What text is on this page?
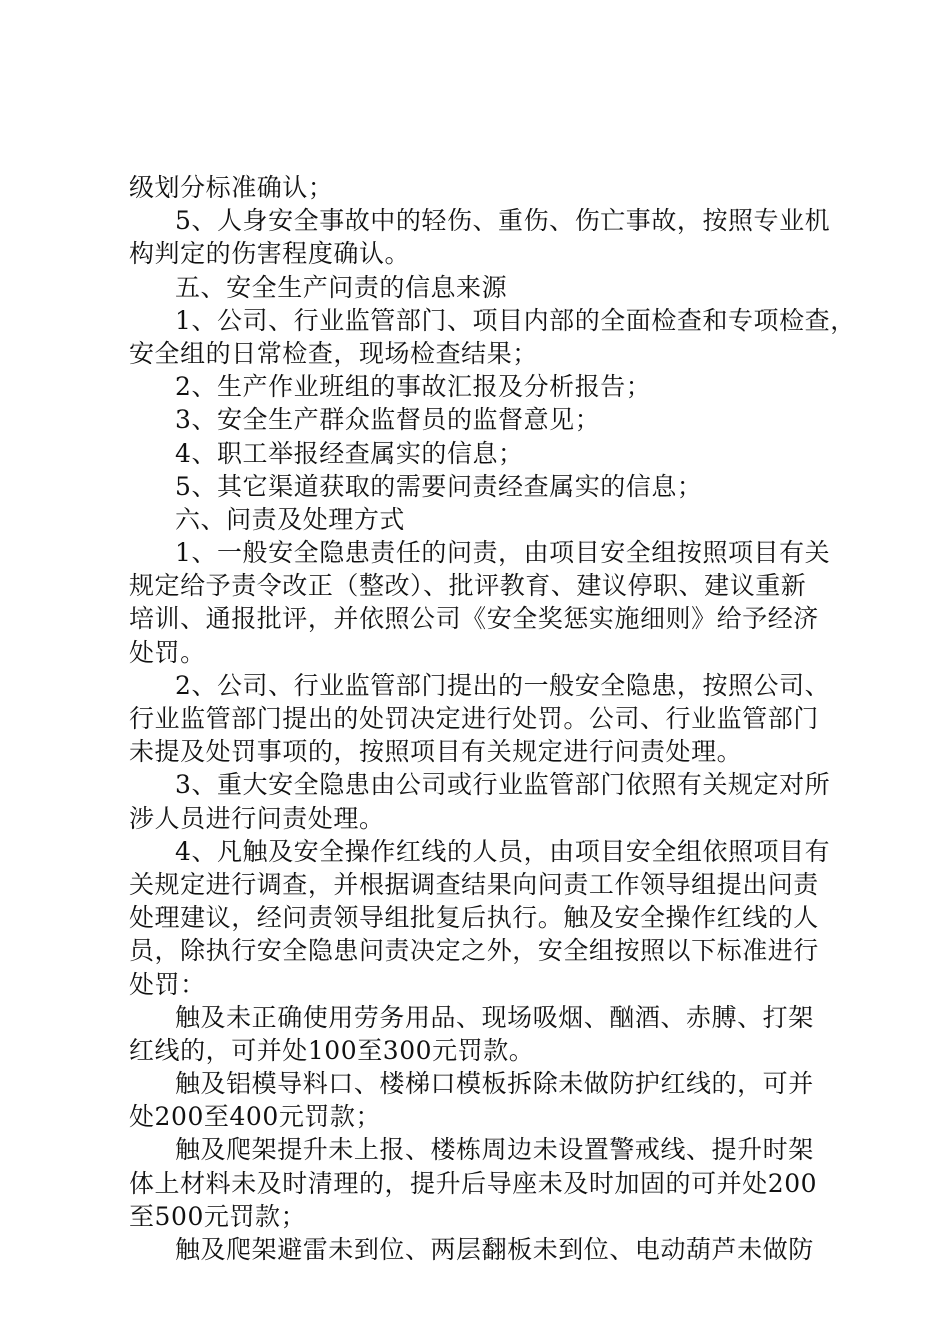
级划分标准确认；
5、人身安全事故中的轻伤、重伤、伤亡事故，按照专业机
构判定的伤害程度确认。
五、安全生产问责的信息来源
1、公司、行业监管部门、项目内部的全面检查和专项检查，
安全组的日常检查，现场检查结果；
2、生产作业班组的事故汇报及分析报告；
3、安全生产群众监督员的监督意见；
4、职工举报经查属实的信息；
5、其它渠道获取的需要问责经查属实的信息；
六、问责及处理方式
1、一般安全隐患责任的问责，由项目安全组按照项目有关
规定给予责令改正（整改）、批评教育、建议停职、建议重新
培训、通报批评，并依照公司《安全奖惩实施细则》给予经济
处罚。
2、公司、行业监管部门提出的一般安全隐患，按照公司、
行业监管部门提出的处罚决定进行处罚。公司、行业监管部门
未提及处罚事项的，按照项目有关规定进行问责处理。
3、重大安全隐患由公司或行业监管部门依照有关规定对所
涉人员进行问责处理。
4、凡触及安全操作红线的人员，由项目安全组依照项目有
关规定进行调查，并根据调查结果向问责工作领导组提出问责
处理建议，经问责领导组批复后执行。触及安全操作红线的人
员，除执行安全隐患问责决定之外，安全组按照以下标准进行
处罚：
触及未正确使用劳务用品、现场吸烟、酗酒、赤膊、打架
红线的，可并处100至300元罚款。
触及铝模导料口、楼梯口模板拆除未做防护红线的，可并
处200至400元罚款；
触及爬架提升未上报、楼栋周边未设置警戒线、提升时架
体上材料未及时清理的，提升后导座未及时加固的可并处200
至500元罚款；
触及爬架避雷未到位、两层翻板未到位、电动葫芦未做防
